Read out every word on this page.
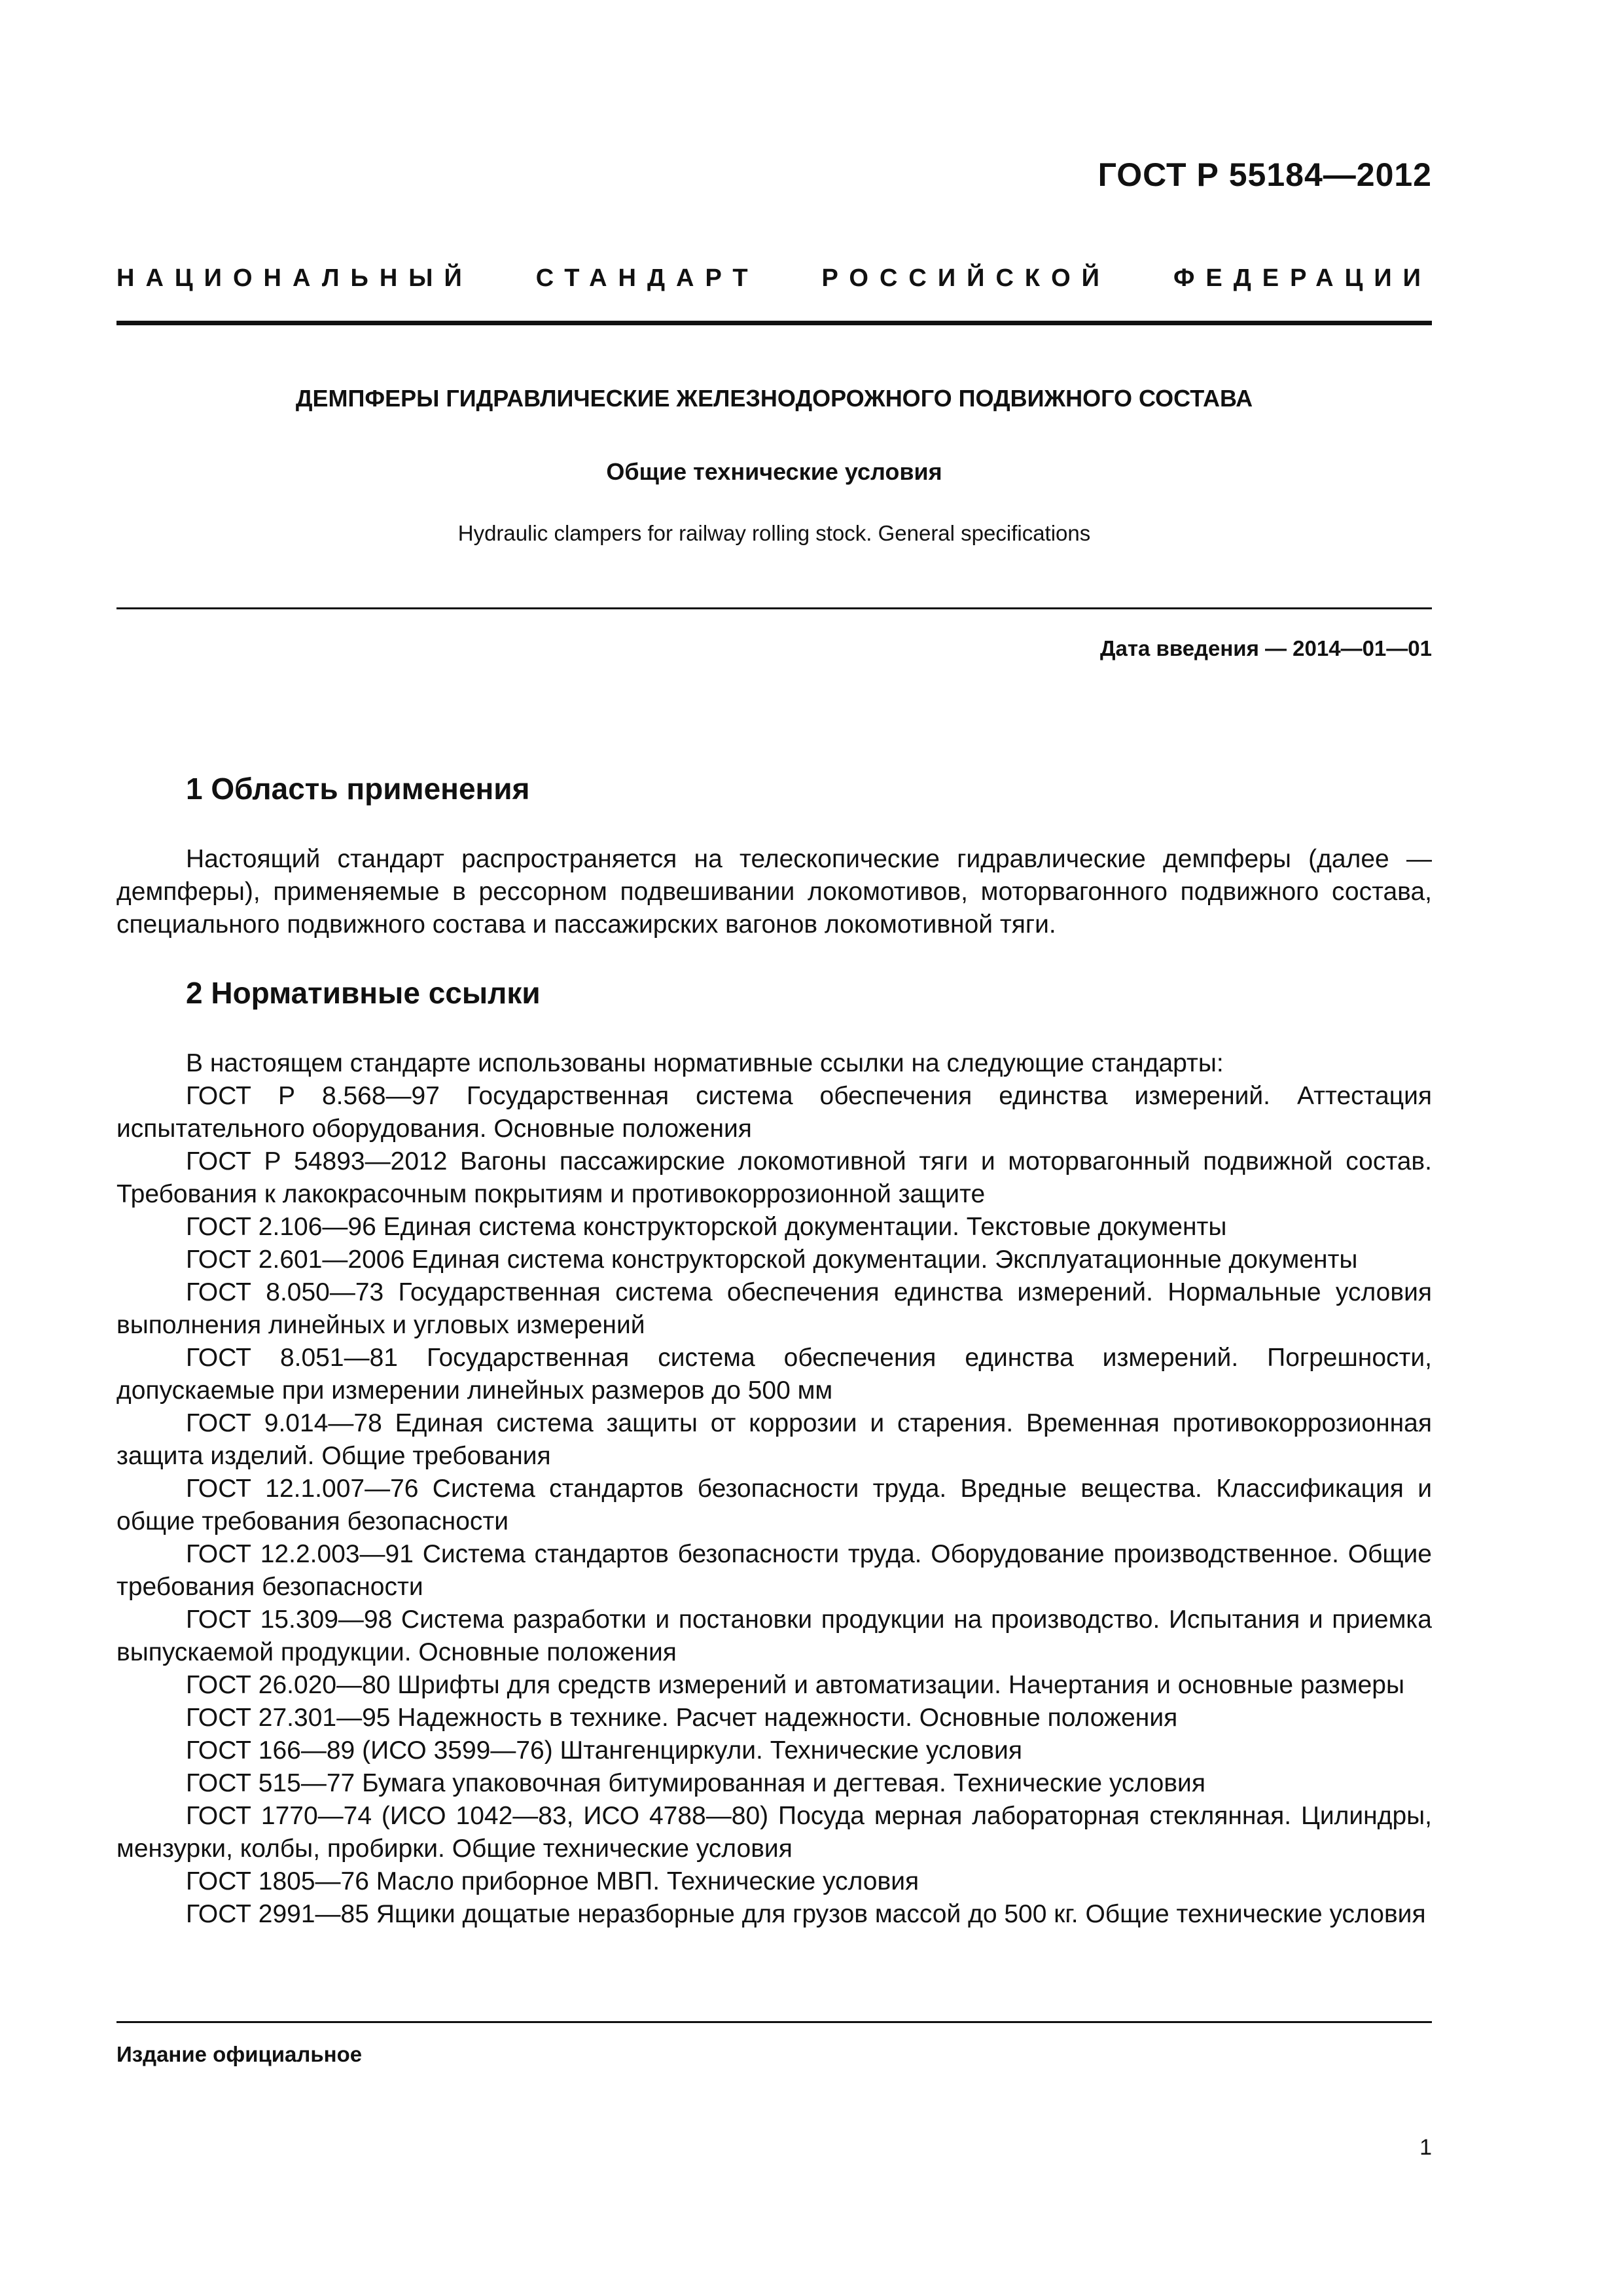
ГОСТ Р 55184—2012
НАЦИОНАЛЬНЫЙ	СТАНДАРТ	РОССИЙСКОЙ	ФЕДЕРАЦИИ
ДЕМПФЕРЫ ГИДРАВЛИЧЕСКИЕ ЖЕЛЕЗНОДОРОЖНОГО ПОДВИЖНОГО СОСТАВА
Общие технические условия
Hydraulic clampers for railway rolling stock. General specifications
Дата введения — 2014—01—01
1 Область применения

Настоящий стандарт распространяется на телескопические гидравлические демпферы (далее — демпферы), применяемые в рессорном подвешивании локомотивов, моторвагонного подвижного состава, специального подвижного состава и пассажирских вагонов локомотивной тяги.

2 Нормативные ссылки

В настоящем стандарте использованы нормативные ссылки на следующие стандарты:

ГОСТ Р 8.568—97 Государственная система обеспечения единства измерений. Аттестация испытательного оборудования. Основные положения

ГОСТ Р 54893—2012 Вагоны пассажирские локомотивной тяги и моторвагонный подвижной состав. Требования к лакокрасочным покрытиям и противокоррозионной защите

ГОСТ 2.106—96 Единая система конструкторской документации. Текстовые документы

ГОСТ 2.601—2006 Единая система конструкторской документации. Эксплуатационные документы

ГОСТ 8.050—73 Государственная система обеспечения единства измерений. Нормальные условия выполнения линейных и угловых измерений

ГОСТ 8.051—81 Государственная система обеспечения единства измерений. Погрешности, допускаемые при измерении линейных размеров до 500 мм

ГОСТ 9.014—78 Единая система защиты от коррозии и старения. Временная противокоррозионная защита изделий. Общие требования

ГОСТ 12.1.007—76 Система стандартов безопасности труда. Вредные вещества. Классификация и общие требования безопасности

ГОСТ 12.2.003—91 Система стандартов безопасности труда. Оборудование производственное. Общие требования безопасности

ГОСТ 15.309—98 Система разработки и постановки продукции на производство. Испытания и приемка выпускаемой продукции. Основные положения

ГОСТ 26.020—80 Шрифты для средств измерений и автоматизации. Начертания и основные размеры

ГОСТ 27.301—95 Надежность в технике. Расчет надежности. Основные положения

ГОСТ 166—89 (ИСО 3599—76) Штангенциркули. Технические условия

ГОСТ 515—77 Бумага упаковочная битумированная и дегтевая. Технические условия

ГОСТ 1770—74 (ИСО 1042—83, ИСО 4788—80) Посуда мерная лабораторная стеклянная. Цилиндры, мензурки, колбы, пробирки. Общие технические условия

ГОСТ 1805—76 Масло приборное МВП. Технические условия

ГОСТ 2991—85 Ящики дощатые неразборные для грузов массой до 500 кг. Общие технические условия

Издание официальное
1
